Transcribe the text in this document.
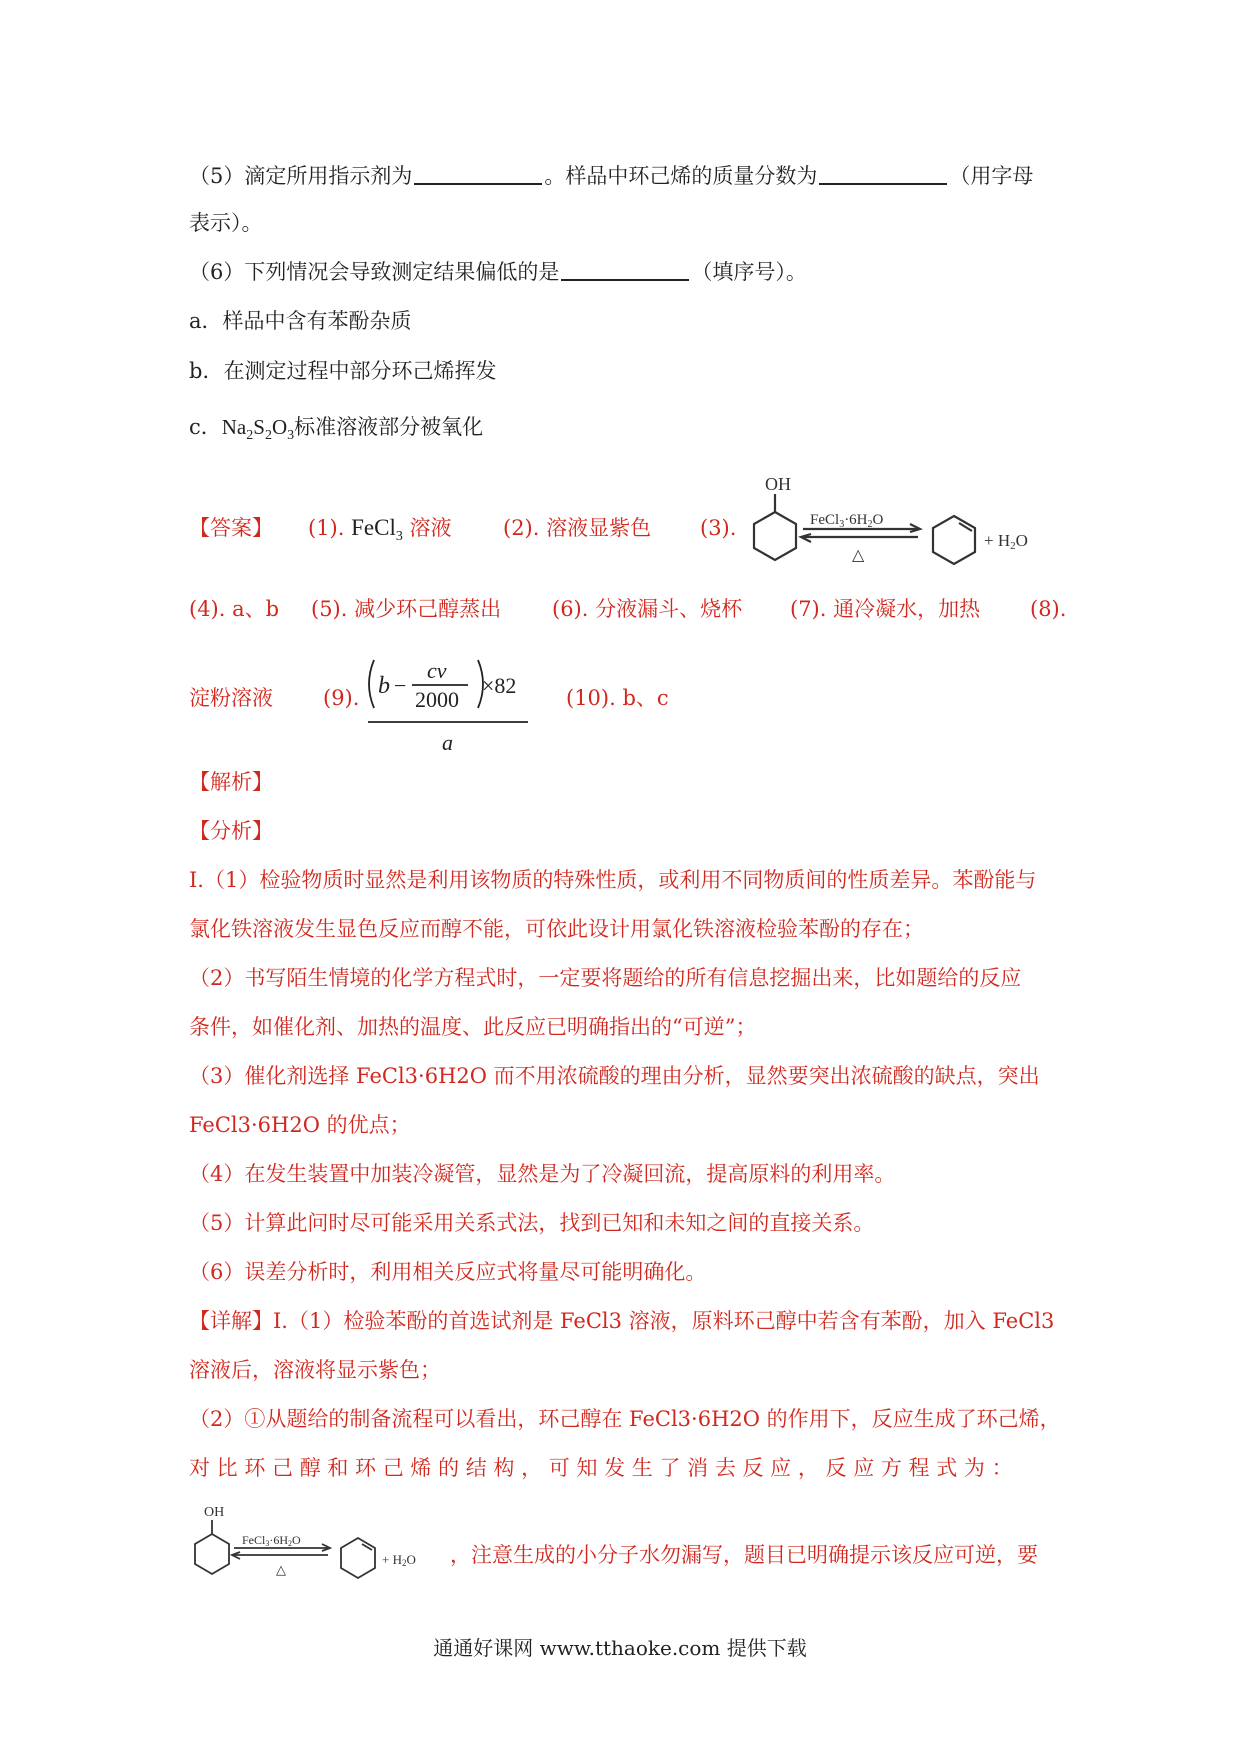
（5）滴定所用指示剂为	。样品中环己烯的质量分数为	（用字母
表示）。
（6）下列情况会导致测定结果偏低的是	（填序号）。
a．样品中含有苯酚杂质
b．在测定过程中部分环己烯挥发
c．$Na_2S_2O_3$标准溶液部分被氧化
【答案】 (1). FeCl$_3$ 溶液 (2). 溶液显紫色 (3).
OH
$FeCl_3\cdot 6H_2O$
△
+ H2O
(4). a、b (5). 减少环己醇蒸出 (6). 分液漏斗、烧杯 (7). 通冷凝水，加热 (8).
淀粉溶液 (9). b −
cv
2000
×82
a
(10). b、c
【解析】
【分析】
I.（1）检验物质时显然是利用该物质的特殊性质，或利用不同物质间的性质差异。苯酚能与
氯化铁溶液发生显色反应而醇不能，可依此设计用氯化铁溶液检验苯酚的存在；
（2）书写陌生情境的化学方程式时，一定要将题给的所有信息挖掘出来，比如题给的反应
条件，如催化剂、加热的温度、此反应已明确指出的“可逆”；
（3）催化剂选择 FeCl3·6H2O 而不用浓硫酸的理由分析，显然要突出浓硫酸的缺点，突出
FeCl3·6H2O 的优点；
（4）在发生装置中加装冷凝管，显然是为了冷凝回流，提高原料的利用率。
（5）计算此问时尽可能采用关系式法，找到已知和未知之间的直接关系。
（6）误差分析时，利用相关反应式将量尽可能明确化。
【详解】I.（1）检验苯酚的首选试剂是 FeCl3 溶液，原料环己醇中若含有苯酚，加入 FeCl3
溶液后，溶液将显示紫色；
（2）①从题给的制备流程可以看出，环己醇在 FeCl3·6H2O 的作用下，反应生成了环己烯，
对 比 环 己 醇 和 环 己 烯 的 结 构 ， 可 知 发 生 了 消 去 反 应 ， 反 应 方 程 式 为 ：
OH
FeCl3·6H2O
△
+ H2O ，注意生成的小分子水勿漏写，题目已明确提示该反应可逆，要
通通好课网 www.tthaoke.com 提供下载
